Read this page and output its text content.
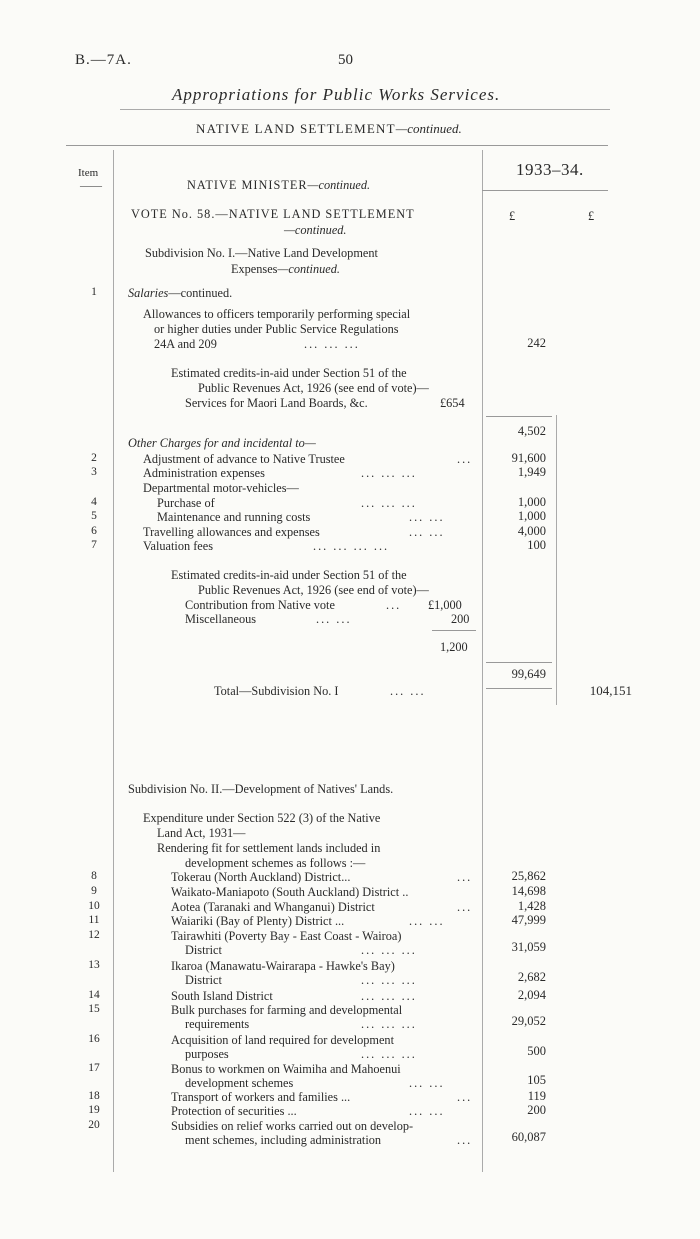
B.—7A.	50
Appropriations for Public Works Services.
NATIVE LAND SETTLEMENT—continued.
Item
——
1933–34.
NATIVE MINISTER—continued.
VOTE No. 58.—NATIVE LAND SETTLEMENT
—continued.
£	£
Subdivision No. I.—Native Land Development
Expenses—continued.
1	Salaries—continued.
Allowances to officers temporarily performing special
or higher duties under Public Service Regulations
24A and 209	... ... ...	242
Estimated credits-in-aid under Section 51 of the
Public Revenues Act, 1926 (see end of vote)—
Services for Maori Land Boards, &c.	£654
4,502
Other Charges for and incidental to—
2	Adjustment of advance to Native Trustee	...	91,600
3	Administration expenses	... ... ...	1,949
Departmental motor-vehicles—
4	Purchase of	... ... ...	1,000
5	Maintenance and running costs	... ...	1,000
6	Travelling allowances and expenses	... ...	4,000
7	Valuation fees	... ... ... ...	100
Estimated credits-in-aid under Section 51 of the
Public Revenues Act, 1926 (see end of vote)—
Contribution from Native vote	... £1,000
Miscellaneous	... ...	200
1,200
99,649
Total—Subdivision No. I	... ...	104,151
Subdivision No. II.—Development of Natives' Lands.
Expenditure under Section 522 (3) of the Native
Land Act, 1931—
Rendering fit for settlement lands included in
development schemes as follows :—
8	Tokerau (North Auckland) District...	...	25,862
9	Waikato-Maniapoto (South Auckland) District ..	14,698
10	Aotea (Taranaki and Whanganui) District	...	1,428
11	Waiariki (Bay of Plenty) District ...	... ...	47,999
12	Tairawhiti (Poverty Bay - East Coast - Wairoa)
District	... ... ...	31,059
13	Ikaroa (Manawatu-Wairarapa - Hawke's Bay)
District	... ... ...	2,682
14	South Island District	... ... ...	2,094
15	Bulk purchases for farming and developmental
requirements	... ... ...	29,052
16	Acquisition of land required for development
purposes	... ... ...	500
17	Bonus to workmen on Waimiha and Mahoenui
development schemes	... ...	105
18	Transport of workers and families ...	...	119
19	Protection of securities ...	... ...	200
20	Subsidies on relief works carried out on develop-
ment schemes, including administration	...	60,087
